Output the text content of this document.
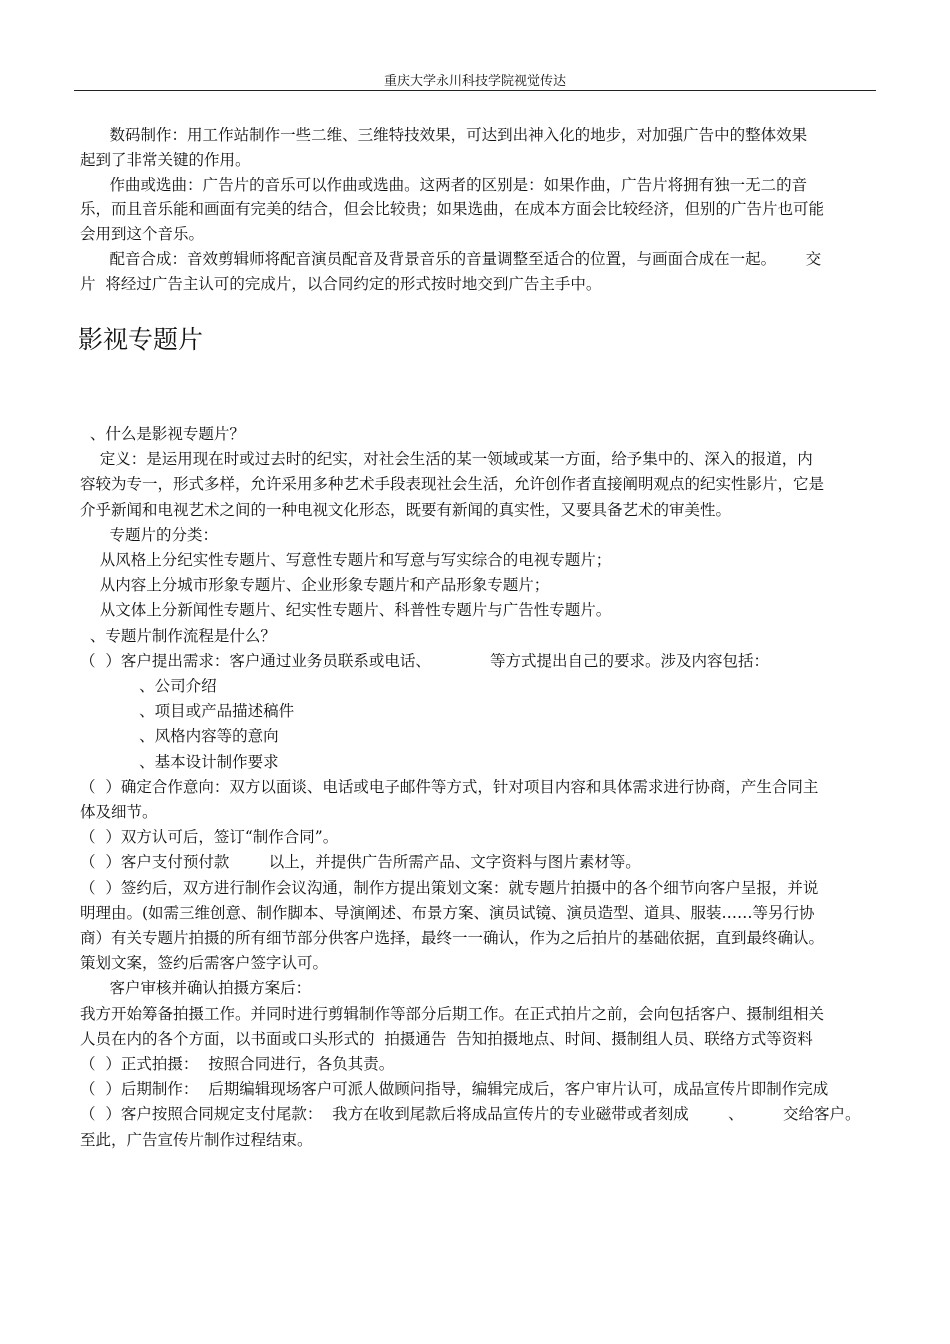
重庆大学永川科技学院视觉传达
数码制作：用工作站制作一些二维、三维特技效果，可达到出神入化的地步，对加强广告中的整体效果
起到了非常关键的作用。
作曲或选曲：广告片的音乐可以作曲或选曲。这两者的区别是：如果作曲，广告片将拥有独一无二的音
乐，而且音乐能和画面有完美的结合，但会比较贵；如果选曲，在成本方面会比较经济，但别的广告片也可能
会用到这个音乐。
配音合成：音效剪辑师将配音演员配音及背景音乐的音量调整至适合的位置，与画面合成在一起。      交
片  将经过广告主认可的完成片，以合同约定的形式按时地交到广告主手中。
影视专题片
、什么是影视专题片？
定义：是运用现在时或过去时的纪实，对社会生活的某一领域或某一方面，给予集中的、深入的报道，内
容较为专一，形式多样，允许采用多种艺术手段表现社会生活，允许创作者直接阐明观点的纪实性影片，它是
介乎新闻和电视艺术之间的一种电视文化形态，既要有新闻的真实性，又要具备艺术的审美性。
专题片的分类：
从风格上分纪实性专题片、写意性专题片和写意与写实综合的电视专题片；
从内容上分城市形象专题片、企业形象专题片和产品形象专题片；
从文体上分新闻性专题片、纪实性专题片、科普性专题片与广告性专题片。
、专题片制作流程是什么？
（  ）客户提出需求：客户通过业务员联系或电话、            等方式提出自己的要求。涉及内容包括：
、公司介绍
、项目或产品描述稿件
、风格内容等的意向
、基本设计制作要求
（  ）确定合作意向：双方以面谈、电话或电子邮件等方式，针对项目内容和具体需求进行协商，产生合同主
体及细节。
（  ）双方认可后，签订“制作合同”。
（  ）客户支付预付款        以上，并提供广告所需产品、文字资料与图片素材等。
（  ）签约后，双方进行制作会议沟通，制作方提出策划文案：就专题片拍摄中的各个细节向客户呈报，并说
明理由。(如需三维创意、制作脚本、导演阐述、布景方案、演员试镜、演员造型、道具、服装……等另行协
商）有关专题片拍摄的所有细节部分供客户选择，最终一一确认，作为之后拍片的基础依据，直到最终确认。
策划文案，签约后需客户签字认可。
客户审核并确认拍摄方案后：
我方开始筹备拍摄工作。并同时进行剪辑制作等部分后期工作。在正式拍片之前，会向包括客户、摄制组相关
人员在内的各个方面，以书面或口头形式的  拍摄通告  告知拍摄地点、时间、摄制组人员、联络方式等资料
（  ）正式拍摄：  按照合同进行，各负其责。
（  ）后期制作：  后期编辑现场客户可派人做顾问指导，编辑完成后，客户审片认可，成品宣传片即制作完成
（  ）客户按照合同规定支付尾款：  我方在收到尾款后将成品宣传片的专业磁带或者刻成        、        交给客户。
至此，广告宣传片制作过程结束。
